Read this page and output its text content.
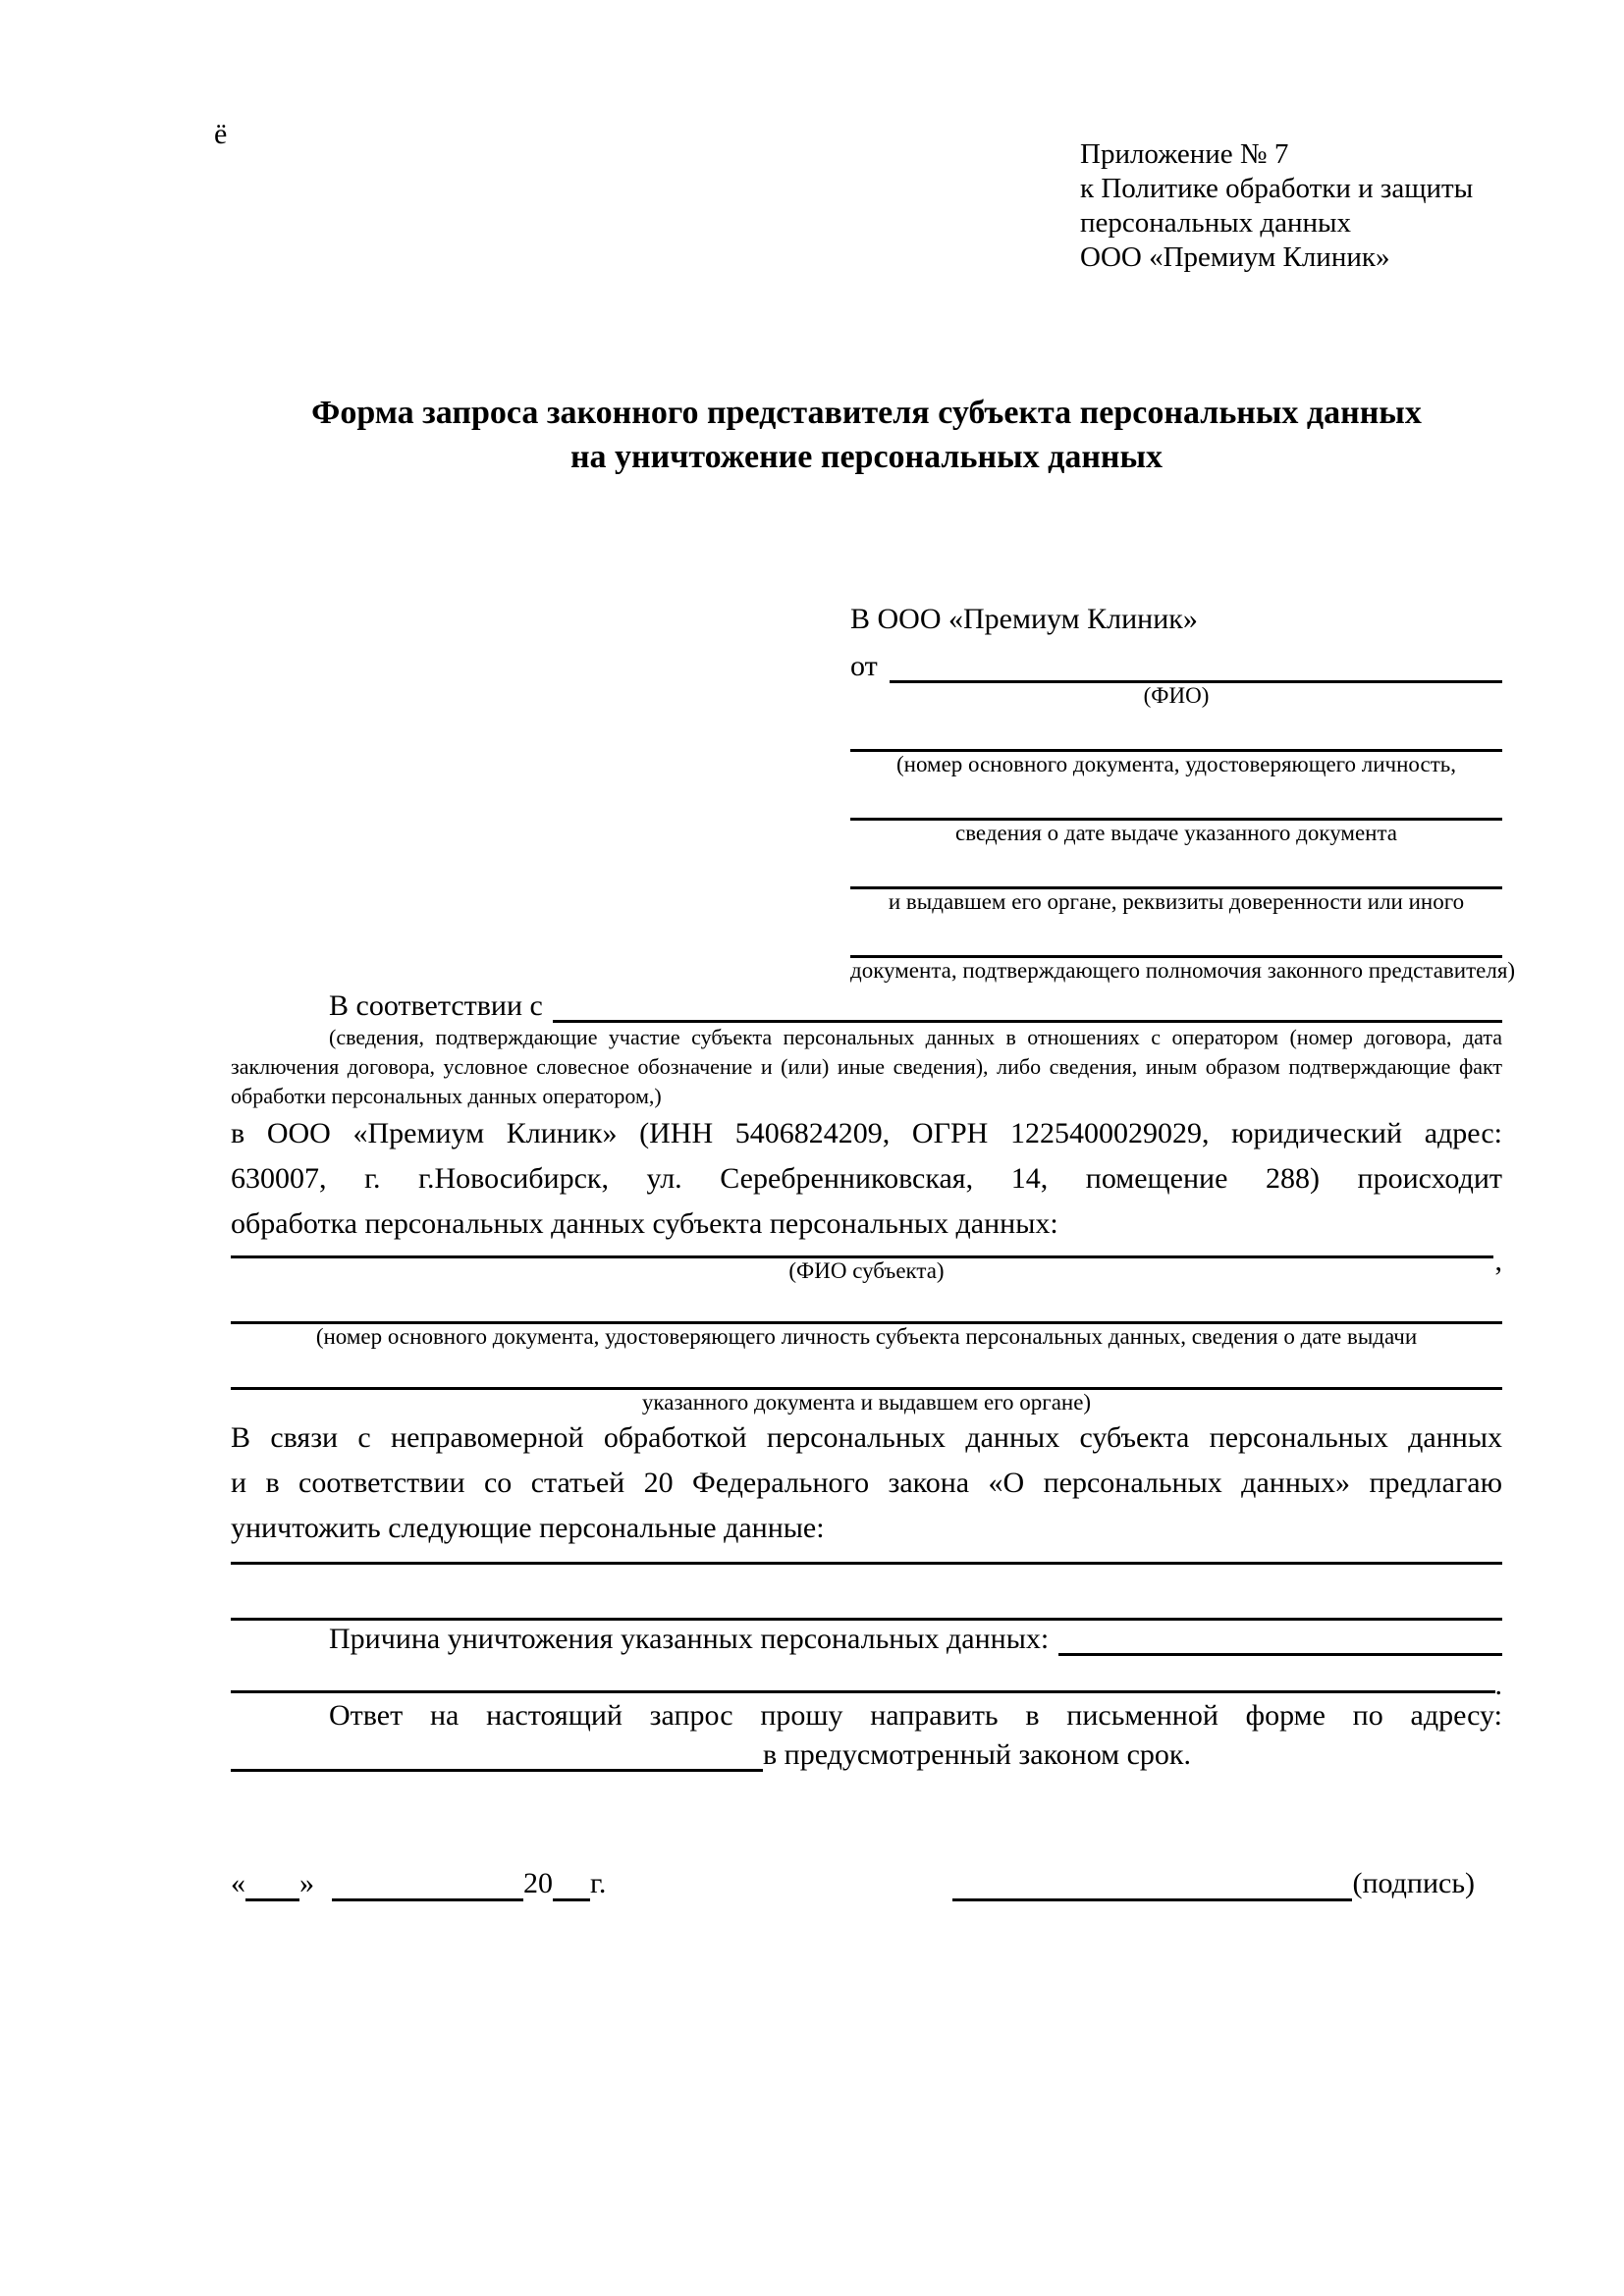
ё
Приложение № 7
к Политике обработки и защиты
персональных данных
ООО «Премиум Клиник»
Форма запроса законного представителя субъекта персональных данных
на уничтожение персональных данных
В ООО «Премиум Клиник»
от
(ФИО)
(номер основного документа, удостоверяющего личность,
сведения о дате выдаче указанного документа
и выдавшем его органе, реквизиты доверенности или иного
документа, подтверждающего полномочия законного представителя)
В соответствии с
(сведения, подтверждающие участие субъекта персональных данных в отношениях с оператором (номер договора, дата
заключения договора, условное словесное обозначение и (или) иные сведения), либо сведения, иным образом подтверждающие факт
обработки персональных данных оператором,)
в ООО «Премиум Клиник» (ИНН 5406824209, ОГРН 1225400029029, юридический адрес:
630007, г. г.Новосибирск, ул. Серебренниковская, 14, помещение 288) происходит
обработка персональных данных субъекта персональных данных:
,
(ФИО субъекта)
(номер основного документа, удостоверяющего личность субъекта персональных данных, сведения о дате выдачи
указанного документа и выдавшем его органе)
В связи с неправомерной обработкой персональных данных субъекта персональных данных
и в соответствии со статьей 20 Федерального закона «О персональных данных» предлагаю
уничтожить следующие персональные данные:
Причина уничтожения указанных персональных данных:
.
Ответ на настоящий запрос прошу направить в письменной форме по адресу:
в предусмотренный законом срок.
« »	20 г.	(подпись)
